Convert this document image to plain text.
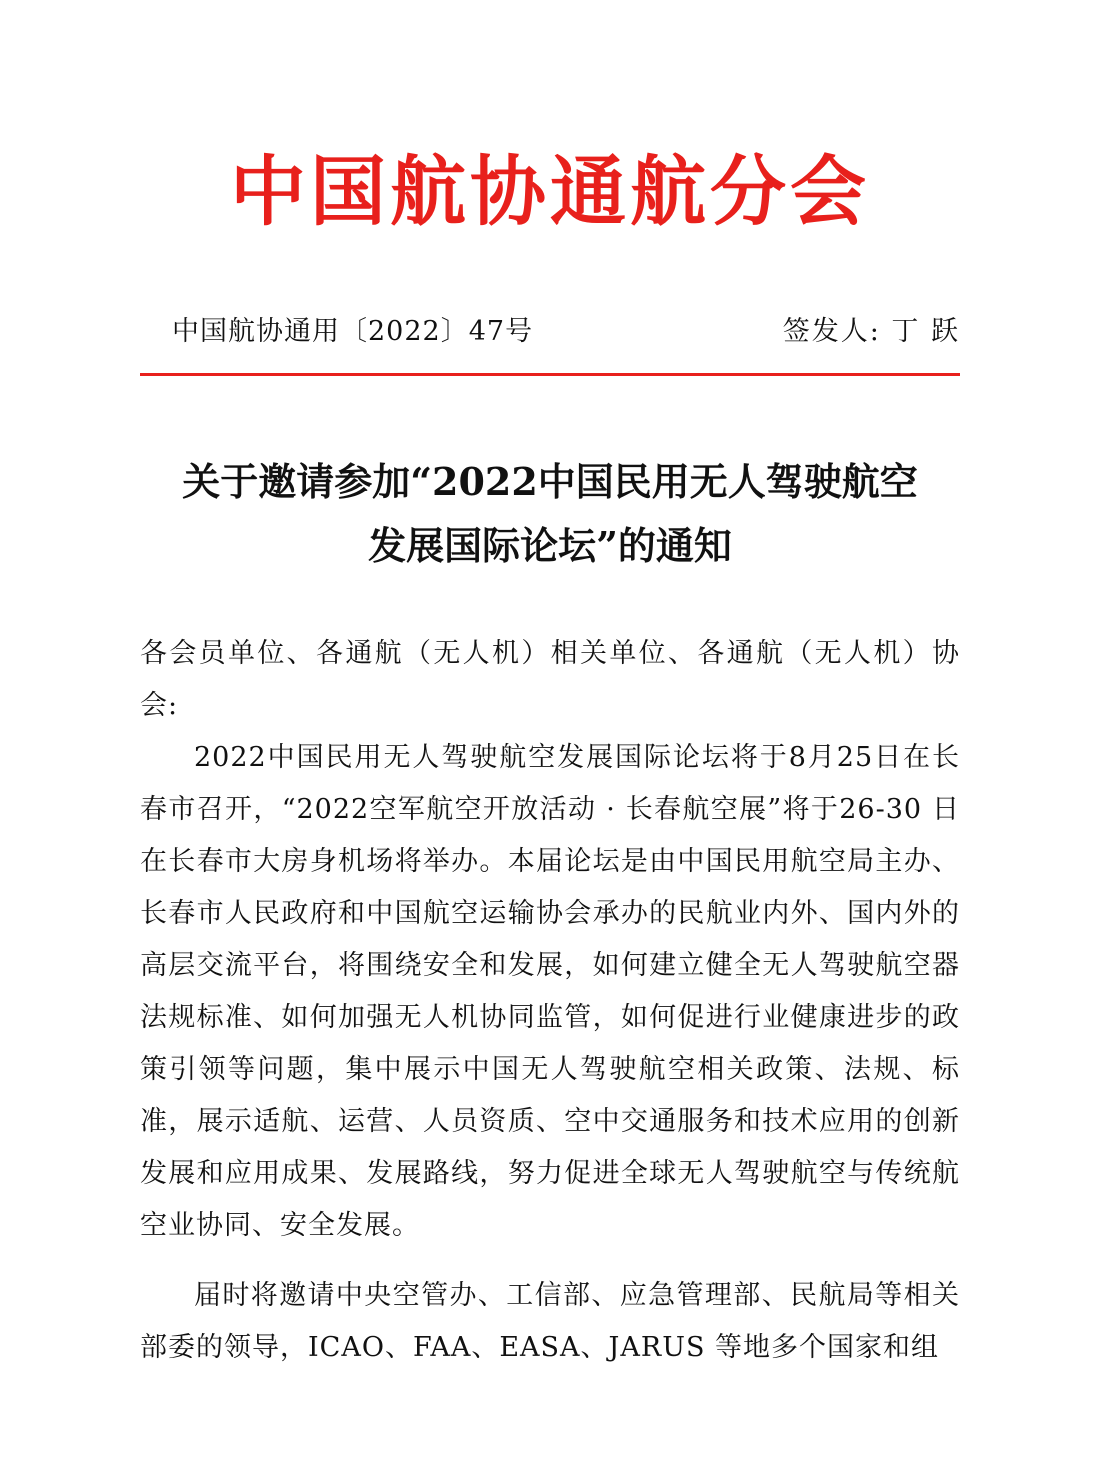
中国航协通航分会
中国航协通用〔2022〕47号	签发人: 丁 跃
关于邀请参加“2022中国民用无人驾驶航空
发展国际论坛”的通知

各会员单位、各通航（无人机）相关单位、各通航（无人机）协会:

2022中国民用无人驾驶航空发展国际论坛将于8月25日在长春市召开，“2022空军航空开放活动 · 长春航空展”将于26-30 日在长春市大房身机场将举办。本届论坛是由中国民用航空局主办、长春市人民政府和中国航空运输协会承办的民航业内外、国内外的高层交流平台，将围绕安全和发展，如何建立健全无人驾驶航空器法规标准、如何加强无人机协同监管，如何促进行业健康进步的政策引领等问题，集中展示中国无人驾驶航空相关政策、法规、标准，展示适航、运营、人员资质、空中交通服务和技术应用的创新发展和应用成果、发展路线，努力促进全球无人驾驶航空与传统航空业协同、安全发展。

届时将邀请中央空管办、工信部、应急管理部、民航局等相关部委的领导，ICAO、FAA、EASA、JARUS 等地多个国家和组
